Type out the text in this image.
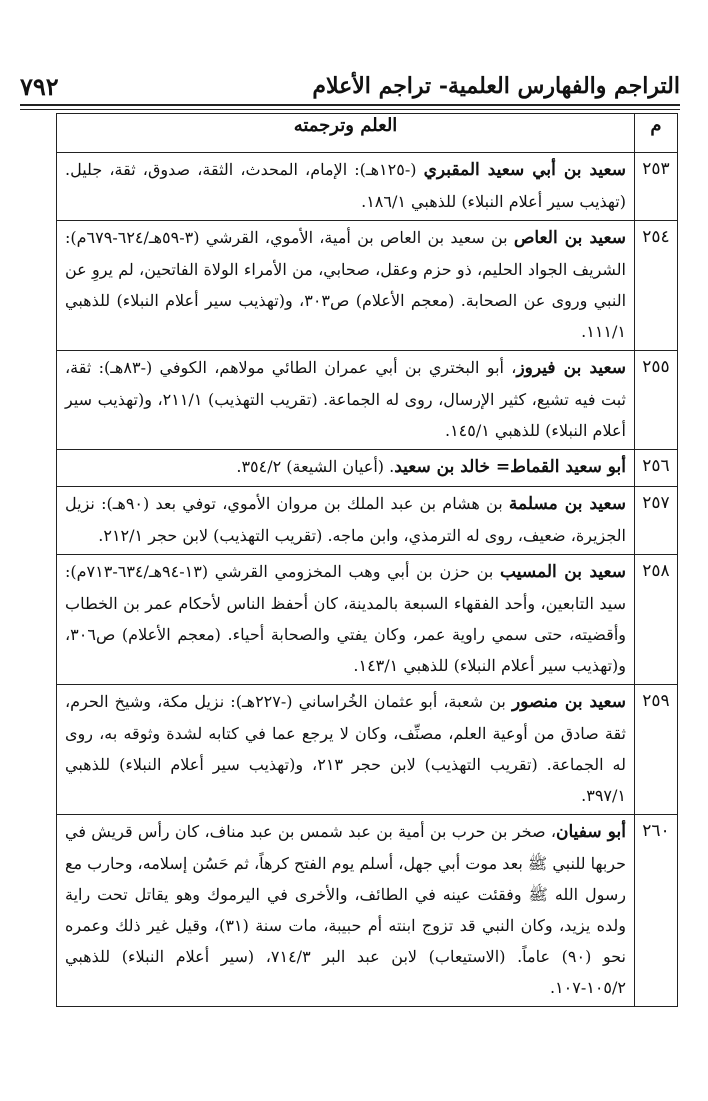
٧٩٢	التراجم والفهارس العلمية- تراجم الأعلام
م	العلم وترجمته
٢٥٣	سعيد بن أبي سعيد المقبري (-١٢٥هـ): الإمام، المحدث، الثقة، صدوق، ثقة، جليل. (تهذيب سير أعلام النبلاء) للذهبي ١٨٦/١.
٢٥٤	سعيد بن العاص بن سعيد بن العاص بن أمية، الأموي، القرشي (٣-٥٩هـ/٦٢٤-٦٧٩م): الشريف الجواد الحليم، ذو حزم وعقل، صحابي، من الأمراء الولاة الفاتحين، لم يروِ عن النبي وروى عن الصحابة. (معجم الأعلام) ص٣٠٣، و(تهذيب سير أعلام النبلاء) للذهبي ١١١/١.
٢٥٥	سعيد بن فيروز، أبو البختري بن أبي عمران الطائي مولاهم، الكوفي (-٨٣هـ): ثقة، ثبت فيه تشيع، كثير الإرسال، روى له الجماعة. (تقريب التهذيب) ٢١١/١، و(تهذيب سير أعلام النبلاء) للذهبي ١٤٥/١.
٢٥٦	أبو سعيد القماط= خالد بن سعيد. (أعيان الشيعة) ٣٥٤/٢.
٢٥٧	سعيد بن مسلمة بن هشام بن عبد الملك بن مروان الأموي، توفي بعد (٩٠هـ): نزيل الجزيرة، ضعيف، روى له الترمذي، وابن ماجه. (تقريب التهذيب) لابن حجر ٢١٢/١.
٢٥٨	سعيد بن المسيب بن حزن بن أبي وهب المخزومي القرشي (١٣-٩٤هـ/٦٣٤-٧١٣م): سيد التابعين، وأحد الفقهاء السبعة بالمدينة، كان أحفظ الناس لأحكام عمر بن الخطاب وأقضيته، حتى سمي راوية عمر، وكان يفتي والصحابة أحياء. (معجم الأعلام) ص٣٠٦، و(تهذيب سير أعلام النبلاء) للذهبي ١٤٣/١.
٢٥٩	سعيد بن منصور بن شعبة، أبو عثمان الخُراساني (-٢٢٧هـ): نزيل مكة، وشيخ الحرم، ثقة صادق من أوعية العلم، مصنِّف، وكان لا يرجع عما في كتابه لشدة وثوقه به، روى له الجماعة. (تقريب التهذيب) لابن حجر ٢١٣، و(تهذيب سير أعلام النبلاء) للذهبي ٣٩٧/١.
٢٦٠	أبو سفيان، صخر بن حرب بن أمية بن عبد شمس بن عبد مناف، كان رأس قريش في حربها للنبي ﷺ بعد موت أبي جهل، أسلم يوم الفتح كرهاً، ثم حَسُن إسلامه، وحارب مع رسول الله ﷺ وفقئت عينه في الطائف، والأخرى في اليرموك وهو يقاتل تحت راية ولده يزيد، وكان النبي قد تزوج ابنته أم حبيبة، مات سنة (٣١)، وقيل غير ذلك وعمره نحو (٩٠) عاماً. (الاستيعاب) لابن عبد البر ٧١٤/٣، (سير أعلام النبلاء) للذهبي ١٠٥/٢-١٠٧.
